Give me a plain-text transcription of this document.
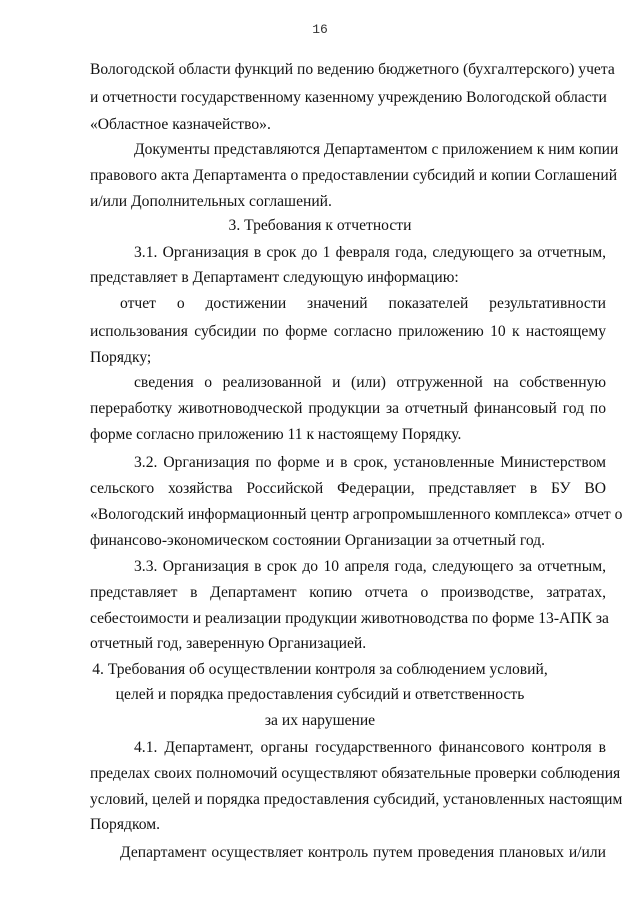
16
Вологодской области функций по ведению бюджетного (бухгалтерского) учета
и отчетности государственному казенному учреждению Вологодской области
«Областное казначейство».
Документы представляются Департаментом с приложением к ним копии
правового акта Департамента о предоставлении субсидий и копии Соглашений
и/или Дополнительных соглашений.
3. Требования к отчетности
3.1. Организация в срок до 1 февраля года, следующего за отчетным,
представляет в Департамент следующую информацию:
отчет о достижении значений показателей результативности
использования субсидии по форме согласно приложению 10 к настоящему
Порядку;
сведения о реализованной и (или) отгруженной на собственную
переработку животноводческой продукции за отчетный финансовый год по
форме согласно приложению 11 к настоящему Порядку.
3.2. Организация по форме и в срок, установленные Министерством
сельского хозяйства Российской Федерации, представляет в БУ ВО
«Вологодский информационный центр агропромышленного комплекса» отчет о
финансово-экономическом состоянии Организации за отчетный год.
3.3. Организация в срок до 10 апреля года, следующего за отчетным,
представляет в Департамент копию отчета о производстве, затратах,
себестоимости и реализации продукции животноводства по форме 13-АПК за
отчетный год, заверенную Организацией.
4. Требования об осуществлении контроля за соблюдением условий,
целей и порядка предоставления субсидий и ответственность
за их нарушение
4.1. Департамент, органы государственного финансового контроля в
пределах своих полномочий осуществляют обязательные проверки соблюдения
условий, целей и порядка предоставления субсидий, установленных настоящим
Порядком.
Департамент осуществляет контроль путем проведения плановых и/или
